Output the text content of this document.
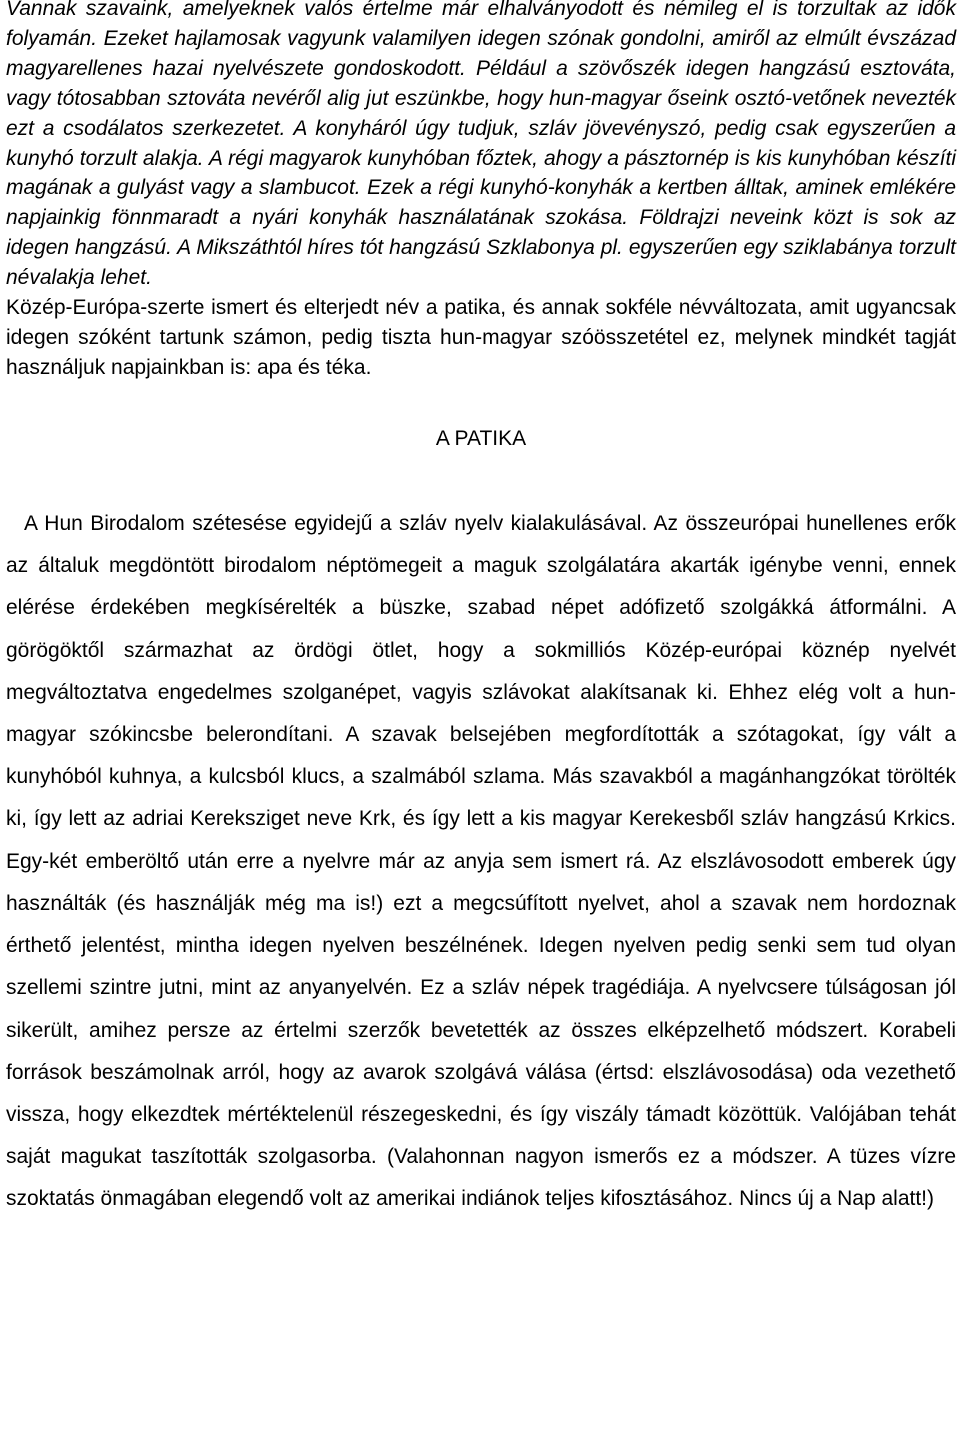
Vannak szavaink, amelyeknek valós értelme már elhalványodott és némileg el is torzultak az idők folyamán. Ezeket hajlamosak vagyunk valamilyen idegen szónak gondolni, amiről az elmúlt évszázad magyarellenes hazai nyelvészete gondoskodott. Például a szövőszék idegen hangzású esztováta, vagy tótosabban sztováta nevéről alig jut eszünkbe, hogy hun-magyar őseink osztó-vetőnek nevezték ezt a csodálatos szerkezetet. A konyháról úgy tudjuk, szláv jövevényszó, pedig csak egyszerűen a kunyhó torzult alakja. A régi magyarok kunyhóban főztek, ahogy a pásztornép is kis kunyhóban készíti magának a gulyást vagy a slambucot. Ezek a régi kunyhó-konyhák a kertben álltak, aminek emlékére napjainkig fönnmaradt a nyári konyhák használatának szokása. Földrajzi neveink közt is sok az idegen hangzású. A Mikszáthtól híres tót hangzású Szklabonya pl. egyszerűen egy sziklabánya torzult névalakja lehet.

Közép-Európa-szerte ismert és elterjedt név a patika, és annak sokféle névváltozata, amit ugyancsak idegen szóként tartunk számon, pedig tiszta hun-magyar szóösszetétel ez, melynek mindkét tagját használjuk napjainkban is: apa és téka.

A PATIKA

A Hun Birodalom szétesése egyidejű a szláv nyelv kialakulásával. Az összeurópai hunellenes erők az általuk megdöntött birodalom néptömegeit a maguk szolgálatára akarták igénybe venni, ennek elérése érdekében megkísérelték a büszke, szabad népet adófizető szolgákká átformálni. A görögöktől származhat az ördögi ötlet, hogy a sokmilliós Közép-európai köznép nyelvét megváltoztatva engedelmes szolganépet, vagyis szlávokat alakítsanak ki. Ehhez elég volt a hun-magyar szókincsbe belerondítani. A szavak belsejében megfordították a szótagokat, így vált a kunyhóból kuhnya, a kulcsból klucs, a szalmából szlama. Más szavakból a magánhangzókat törölték ki, így lett az adriai Kereksziget neve Krk, és így lett a kis magyar Kerekesből szláv hangzású Krkics. Egy-két emberöltő után erre a nyelvre már az anyja sem ismert rá. Az elszlávosodott emberek úgy használták (és használják még ma is!) ezt a megcsúfított nyelvet, ahol a szavak nem hordoznak érthető jelentést, mintha idegen nyelven beszélnének. Idegen nyelven pedig senki sem tud olyan szellemi szintre jutni, mint az anyanyelvén. Ez a szláv népek tragédiája. A nyelvcsere túlságosan jól sikerült, amihez persze az értelmi szerzők bevetették az összes elképzelhető módszert. Korabeli források beszámolnak arról, hogy az avarok szolgává válása (értsd: elszlávosodása) oda vezethető vissza, hogy elkezdtek mértéktelenül részegeskedni, és így viszály támadt közöttük. Valójában tehát saját magukat taszították szolgasorba. (Valahonnan nagyon ismerős ez a módszer. A tüzes vízre szoktatás önmagában elegendő volt az amerikai indiánok teljes kifosztásához. Nincs új a Nap alatt!)
